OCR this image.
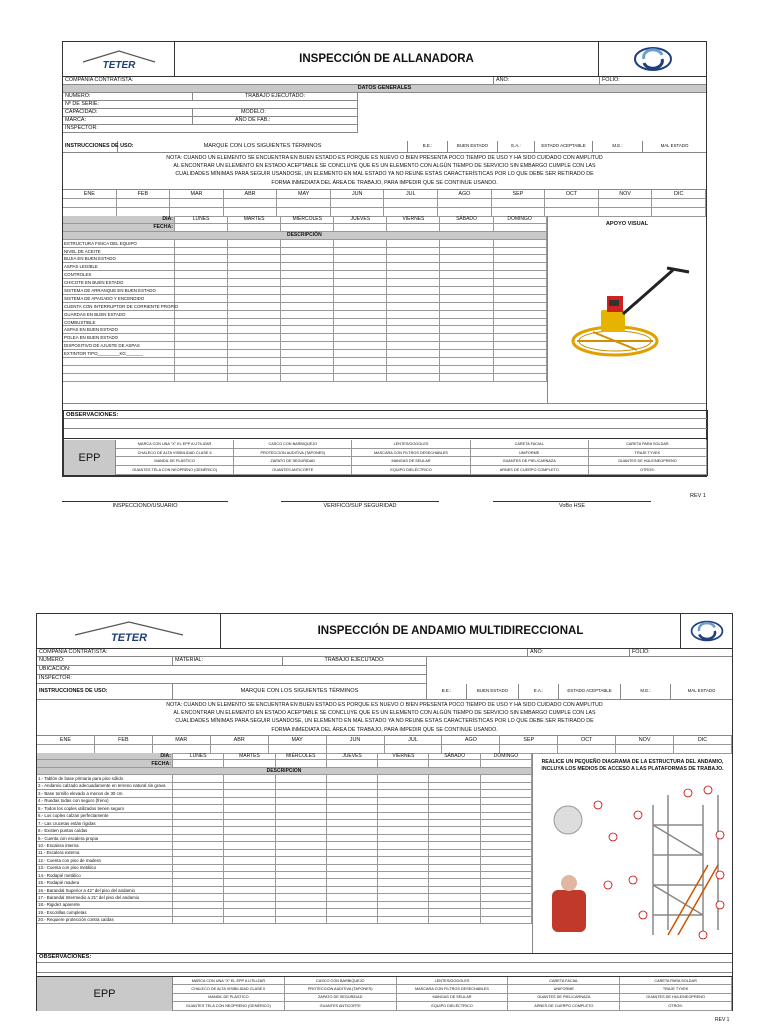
TETER
INSPECCIÓN DE ALLANADORA
COMPAÑÍA CONTRATISTA:	AÑO:	FOLIO:
DATOS GENERALES
NUMERO:	TRABAJO EJECUTADO:
Nº DE SERIE:
CAPACIDAD:	MODELO:
MARCA:	AÑO DE FAB.:
INSPECTOR:
INSTRUCCIONES DE USO:	MARQUE CON LOS SIGUIENTES TÉRMINOS	B.E.:	BUEN ESTADO	E.A.:	ESTADO ACEPTABLE	M.E.:	MAL ESTADO
NOTA: CUANDO UN ELEMENTO SE ENCUENTRA EN BUEN ESTADO ES PORQUE ES NUEVO O BIEN PRESENTA POCO TIEMPO DE USO Y HA SIDO CUIDADO CON AMPLITUD
AL ENCONTRAR UN ELEMENTO EN ESTADO ACEPTABLE SE CONCLUYE QUE ES UN ELEMENTO CON ALGÚN TIEMPO DE SERVICIO SIN EMBARGO CUMPLE CON LAS
CUALIDADES MÍNIMAS PARA SEGUIR USANDOSE, UN ELEMENTO EN MAL ESTADO YA NO REUNE ESTAS CARACTERÍSTICAS POR LO QUE DEBE SER RETIRADO DE
FORMA INMEDIATA DEL ÁREA DE TRABAJO, PARA IMPEDIR QUE SE CONTINUE USANDO.
ENE	FEB	MAR	ABR	MAY	JUN	JUL	AGO	SEP	OCT	NOV	DIC
DIA:	LUNES	MARTES	MIÉRCOLES	JUEVES	VIERNES	SÁBADO	DOMINGO
FECHA:
DESCRIPCIÓN
ESTRUCTURA FISICA DEL EQUIPO
NIVEL DE ACEITE
BUJIA EN BUEN ESTADO
ASPAS LEGIBLE
CONTROLES
CHICOTE EN BUEN ESTADO
SISTEMA DE ARRANQUE EN BUEN ESTADO
SISTEMA DE APAGADO Y ENCENDIDO
CUENTA CON INTERRUPTOR DE CORRIENTE PROPIO
GUARDAS EN BUEN ESTADO
COMBUSTIBLE
ASPAS EN BUEN ESTADO
POLEA EN BUEN ESTADO
DISPOSITIVO DE AJUSTE DE ASPAS
EXTINTOR TIPO_________KG_______
APOYO VISUAL
OBSERVACIONES:
EPP
MARCA CON UNA "X" EL EPP A UTILIZAR	CASCO CON BARBIQUEJO	LENTES/GOGGLES	CARETA FACIAL	CARETA PARA SOLDAR
CHALECO DE ALTA VISIBILIDAD CLASE II	PROTECCION AUDITIVA (TAPONES)	MASCARA CON FILTROS DESECHABLES	UNIFORME	TRAJE TYVEK
MANDIL DE PLÁSTICO	ZAPATO DE SEGURIDAD	MANGAS DE SEULAR	GUANTES DE PIEL/CARNAZA	GUANTES DE HULE/NEOPRENO
GUANTES TELA CON NEOPRENO (GENÉRICO)	GUANTES ANTICORTE	EQUIPO DIELÉCTRICO	ARNES DE CUERPO COMPLETO	OTROS:
INSPECCIONO/USUARIO	VERIFICO/SUP SEGURIDAD	VoBo HSE
REV 1
TETER
INSPECCIÓN DE ANDAMIO MULTIDIRECCIONAL
COMPAÑÍA CONTRATISTA:	AÑO:	FOLIO:
NUMERO:	MATERIAL:	TRABAJO EJECUTADO:
UBICACIÓN:
INSPECTOR:
INSTRUCCIONES DE USO:	MARQUE CON LOS SIGUIENTES TÉRMINOS	B.E.:	BUEN ESTADO	E.A.:	ESTADO ACEPTABLE	M.E.:	MAL ESTADO
NOTA: CUANDO UN ELEMENTO SE ENCUENTRA EN BUEN ESTADO ES PORQUE ES NUEVO O BIEN PRESENTA POCO TIEMPO DE USO Y HA SIDO CUIDADO CON AMPLITUD
AL ENCONTRAR UN ELEMENTO EN ESTADO ACEPTABLE SE CONCLUYE QUE ES UN ELEMENTO CON ALGÚN TIEMPO DE SERVICIO SIN EMBARGO CUMPLE CON LAS
CUALIDADES MÍNIMAS PARA SEGUIR USANDOSE, UN ELEMENTO EN MAL ESTADO YA NO REUNE ESTAS CARACTERÍSTICAS POR LO QUE DEBE SER RETIRADO DE
FORMA INMEDIATA DEL ÁREA DE TRABAJO, PARA IMPEDIR QUE SE CONTINUE USANDO.
ENE	FEB	MAR	ABR	MAY	JUN	JUL	AGO	SEP	OCT	NOV	DIC
DIA:	LUNES	MARTES	MIÉRCOLES	JUEVES	VIERNES	SÁBADO	DOMINGO
FECHA:
DESCRIPCION
1.- Tablón de base primaria para piso sólido
2.- Andamio calzado adecuadamente en terreno natural sin grava
3.- Base tornillo elevado a menos de 30 cm.
4.- Ruedas todas con seguro (freno)
5.- Todos los coples utilizados tienen seguro
6.- Los coples calzan perfectamente
7.- Las crucetas están rígidas
8.- Existen puntas caídas
9.- Cuenta con escalera propia
10.- Escalera interna
11.- Escalera externa
12.- Cuenta con piso de madera
13.- Cuenta con piso metálico
14.- Rodapié metálico
15.- Rodapié madera
16.- Barandal Superior a 42" del piso del andamio
17.- Barandal Intermedio a 21" del piso del andamio
18.- Rigidez aparente
19.- Escotillas completas
20.- Requiere protección contra caídas
REALICE UN PEQUEÑO DIAGRAMA DE LA ESTRUCTURA DEL ANDAMIO, INCLUYA LOS MEDIOS DE ACCESO A LAS PLATAFORMAS DE TRABAJO.
OBSERVACIONES:
EPP
MARCA CON UNA "X" EL EPP A UTILIZAR	CASCO CON BARBIQUEJO	LENTES/GOGGLES	CARETA FACIAL	CARETA PARA SOLDAR
CHALECO DE ALTA VISIBILIDAD CLASE II	PROTECCION AUDITIVA (TAPONES)	MASCARA CON FILTROS DESECHABLES	UNIFORME	TRAJE TYVEK
MANDIL DE PLÁSTICO	ZAPATO DE SEGURIDAD	MANGAS DE SEULAR	GUANTES DE PIEL/CARNAZA	GUANTES DE HULE/NEOPRENO
GUANTES TELA CON NEOPRENO (GENÉRICO)	GUANTES ANTICORTE	EQUIPO DIELÉCTRICO	ARNES DE CUERPO COMPLETO	OTROS:
REV 1
